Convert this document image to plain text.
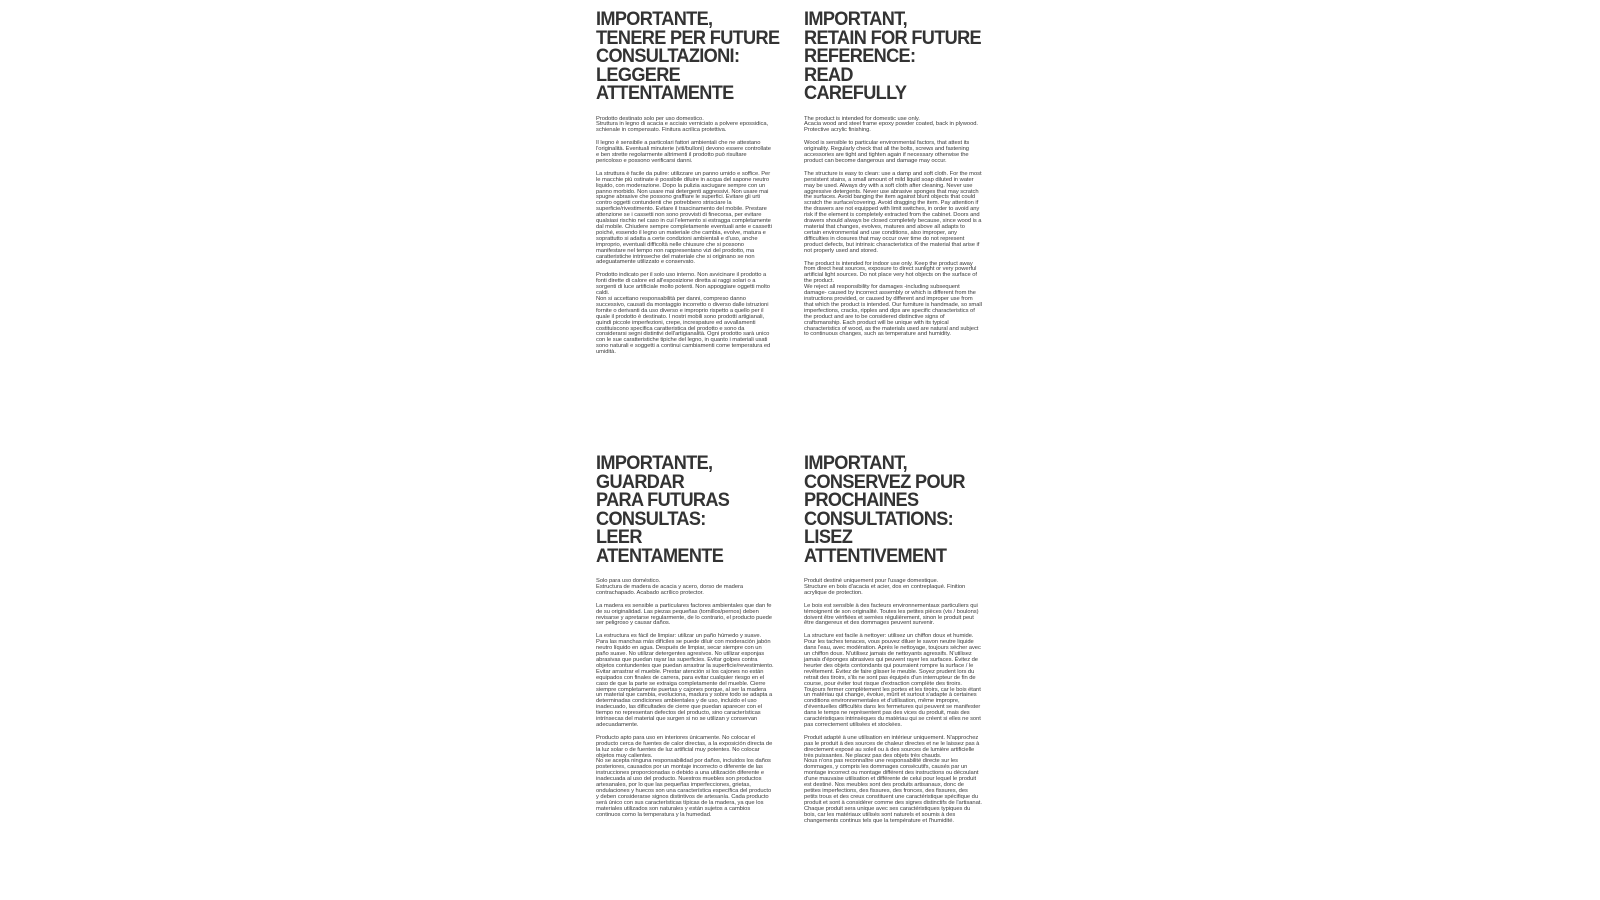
IMPORTANTE,
TENERE PER FUTURE
CONSULTAZIONI:
LEGGERE
ATTENTAMENTE

Prodotto destinato solo per uso domestico.
Struttura in legno di acacia e acciaio verniciato a polvere epossidica, schienale in compensato. Finitura acrilica protettiva.

Il legno è sensibile a particolari fattori ambientali che ne attestano l'originalità. Eventuali minuterie (viti/bulloni) devono essere controllate e ben strette regolarmente altrimenti il prodotto può risultare pericoloso e possono verificarsi danni.

La struttura è facile da pulire: utilizzare un panno umido e soffice. Per le macchie più ostinate è possibile diluire in acqua del sapone neutro liquido, con moderazione. Dopo la pulizia asciugare sempre con un panno morbido. Non usare mai detergenti aggressivi. Non usare mai spugne abrasive che possono graffiare le superfici. Evitare gli urti contro oggetti contundenti che potrebbero strisciare la superficie/rivestimento. Evitare il trascinamento del mobile. Prestare attenzione se i cassetti non sono provvisti di finecorsa, per evitare qualsiasi rischio nel caso in cui l'elemento si estragga completamente dal mobile. Chiudere sempre completamente eventuali ante e cassetti poiché, essendo il legno un materiale che cambia, evolve, matura e soprattutto si adatta a certe condizioni ambientali e d'uso, anche improprio, eventuali difficoltà nelle chiusure che si possono manifestare nel tempo non rappresentano vizi del prodotto, ma caratteristiche intrinseche del materiale che si originano se non adeguatamente utilizzato e conservato.

Prodotto indicato per il solo uso interno. Non avvicinare il prodotto a fonti dirette di calore ed all'esposizione diretta ai raggi solari o a sorgenti di luce artificiale molto potenti. Non appoggiare oggetti molto caldi.
Non si accettano responsabilità per danni, compreso danno successivo, causati da montaggio incorretto o diverso dalle istruzioni fornite o derivanti da uso diverso e improprio rispetto a quello per il quale il prodotto è destinato. I nostri mobili sono prodotti artigianali, quindi piccole imperfezioni, crepe, increspature ed avvallamenti costituiscono specifica caratteristica del prodotto e sono da considerarsi segni distintivi dell'artigianalità. Ogni prodotto sarà unico con le sue caratteristiche tipiche del legno, in quanto i materiali usati sono naturali e soggetti a continui cambiamenti come temperatura ed umidità.

IMPORTANT,
RETAIN FOR FUTURE
REFERENCE:
READ
CAREFULLY

The product is intended for domestic use only.
Acacia wood and steel frame epoxy powder coated, back in plywood. Protective acrylic finishing.

Wood is sensible to particular environmental factors, that attest its originality. Regularly check that all the bolts, screws and fastening accessories are tight and tighten again if necessary otherwise the product can become dangerous and damage may occur.

The structure is easy to clean: use a damp and soft cloth. For the most persistent stains, a small amount of mild liquid soap diluted in water may be used. Always dry with a soft cloth after cleaning. Never use aggressive detergents. Never use abrasive sponges that may scratch the surfaces. Avoid banging the item against blunt objects that could scratch the surface/covering. Avoid dragging the item. Pay attention if the drawers are not equipped with limit switches, in order to avoid any risk if the element is completely extracted from the cabinet. Doors and drawers should always be closed completely because, since wood is a material that changes, evolves, matures and above all adapts to certain environmental and use conditions, also improper, any difficulties in closures that may occur over time do not represent product defects, but intrinsic characteristics of the material that arise if not properly used and stored.

The product is intended for indoor use only. Keep the product away from direct heat sources, exposure to direct sunlight or very powerful artificial light sources. Do not place very hot objects on the surface of the product.
We reject all responsibility for damages -including subsequent damage- caused by incorrect assembly or which is different from the instructions provided, or caused by different and improper use from that which the product is intended. Our furniture is handmade, so small imperfections, cracks, ripples and dips are specific characteristics of the product and are to be considered distinctive signs of craftsmanship. Each product will be unique with its typical characteristics of wood, as the materials used are natural and subject to continuous changes, such as temperature and humidity.

IMPORTANTE,
GUARDAR
PARA FUTURAS
CONSULTAS:
LEER
ATENTAMENTE

Solo para uso doméstico.
Estructura de madera de acacia y acero, dorso de madera contrachapado. Acabado acrílico protector.

La madera es sensible a particulares factores ambientales que dan fe de su originalidad. Las piezas pequeñas (tornillos/pernos) deben revisarse y apretarse regularmente, de lo contrario, el producto puede ser peligroso y causar daños.

La estructura es fácil de limpiar: utilizar un paño húmedo y suave. Para las manchas más difíciles se puede diluir con moderación jabón neutro líquido en agua. Después de limpiar, secar siempre con un paño suave. No utilizar detergentes agresivos. No utilizar esponjas abrasivas que puedan rayar las superficies. Evitar golpes contra objetos contundentes que puedan arrastrar la superficie/revestimiento. Evitar arrastrar el mueble. Prestar atención si los cajones no están equipados con finales de carrera, para evitar cualquier riesgo en el caso de que la parte se extraiga completamente del mueble. Cierre siempre completamente puertas y cajones porque, al ser la madera un material que cambia, evoluciona, madura y sobre todo se adapta a determinadas condiciones ambientales y de uso, incluido el uso inadecuado, las dificultades de cierre que puedan aparecer con el tiempo no representan defectos del producto, sino características intrínsecas del material que surgen si no se utilizan y conservan adecuadamente.

Producto apto para uso en interiores únicamente. No colocar el producto cerca de fuentes de calor directas, a la exposición directa de la luz solar o de fuentes de luz artificial muy potentes. No colocar objetos muy calientes.
No se acepta ninguna responsabilidad por daños, incluidos los daños posteriores, causados por un montaje incorrecto o diferente de las instrucciones proporcionadas o debido a una utilización diferente e inadecuada al uso del producto. Nuestros muebles son productos artesanales, por lo que las pequeñas imperfecciones, grietas, ondulaciones y huecos son una característica específica del producto y deben considerarse signos distintivos de artesanía. Cada producto será único con sus características típicas de la madera, ya que los materiales utilizados son naturales y están sujetos a cambios continuos como la temperatura y la humedad.

IMPORTANT,
CONSERVEZ POUR
PROCHAINES
CONSULTATIONS:
LISEZ
ATTENTIVEMENT

Produit destiné uniquement pour l'usage domestique.
Structure en bois d'acacia et acier, dos en contreplaqué. Finition acrylique de protection.

Le bois est sensible à des facteurs environnementaux particuliers qui témoignent de son originalité. Toutes les petites pièces (vis / boulons) doivent être vérifiées et serrées régulièrement, sinon le produit peut être dangereux et des dommages peuvent survenir.

La structure est facile à nettoyer: utilisez un chiffon doux et humide. Pour les taches tenaces, vous pouvez diluer le savon neutre liquide dans l'eau, avec modération. Après le nettoyage, toujours sécher avec un chiffon doux. N'utilisez jamais de nettoyants agressifs. N'utilisez jamais d'éponges abrasives qui peuvent rayer les surfaces. Évitez de heurter des objets contondants qui pourraient rompre la surface / le revêtement. Évitez de faire glisser le meuble. Soyez prudent lors du retrait des tiroirs, s'ils ne sont pas équipés d'un interrupteur de fin de course, pour éviter tout risque d'extraction complète des tiroirs. Toujours fermer complètement les portes et les tiroirs, car le bois étant un matériau qui change, évolue, mûrit et surtout s'adapte à certaines conditions environnementales et d'utilisation, même impropre, d'éventuelles difficultés dans les fermetures qui peuvent se manifester dans le temps ne représentent pas des vices du produit, mais des caractéristiques intrinsèques du matériau qui se créent si elles ne sont pas correctement utilisées et stockées.

Produit adapté à une utilisation en intérieur uniquement. N'approchez pas le produit à des sources de chaleur directes et ne le laissez pas à directement exposé au soleil ou à des sources de lumière artificielle très puissantes. Ne placez pas des objets très chauds.
Nous n'ons pas reconnaître une responsabilité directe sur les dommages, y compris les dommages consécutifs, causés par un montage incorrect ou montage différent des instructions ou découlant d'une mauvaise utilisation et différente de celui pour lequel le produit est destiné. Nos meubles sont des produits artisanaux, donc de petites imperfections, des fissures, des fronces, des fissures, des petits trous et des creux constituent une caractéristique spécifique du produit et sont à considérer comme des signes distinctifs de l'artisanat. Chaque produit sera unique avec ses caractéristiques typiques du bois, car les matériaux utilisés sont naturels et soumis à des changements continus tels que la température et l'humidité.
